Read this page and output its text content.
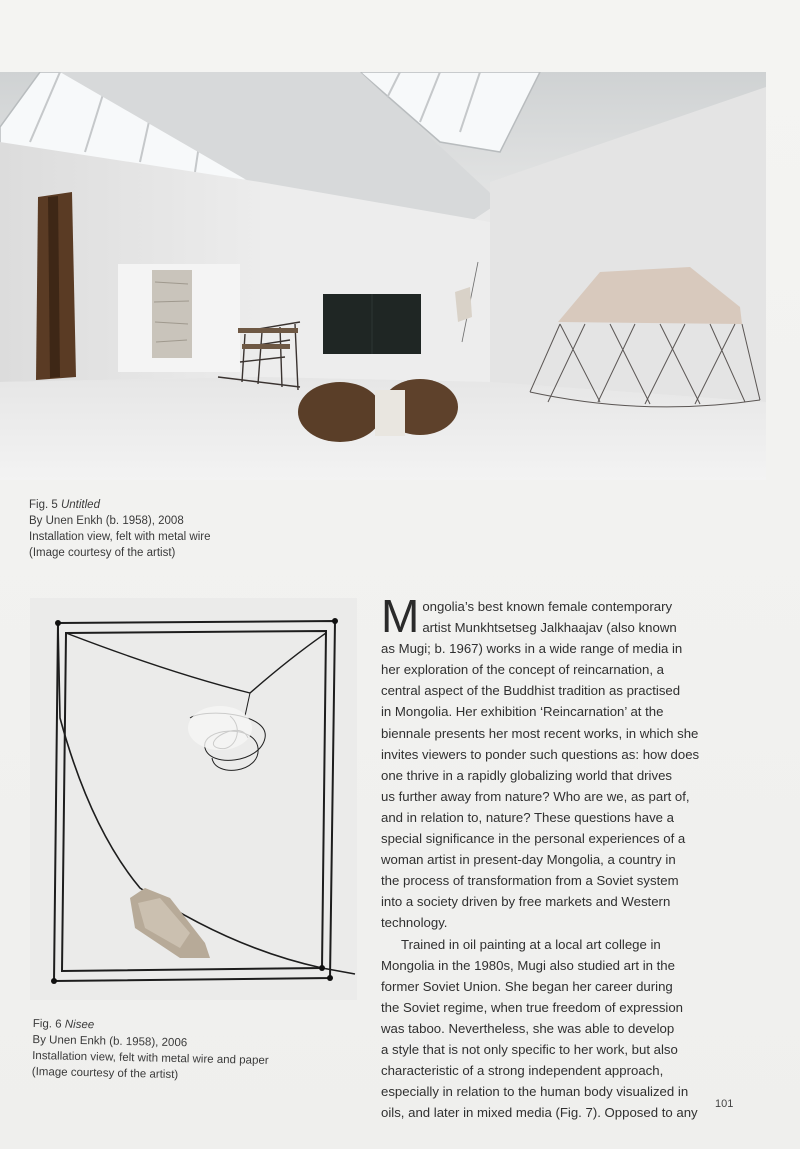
Fig. 5 Untitled
By Unen Enkh (b. 1958), 2008
Installation view, felt with metal wire
(Image courtesy of the artist)
Fig. 6 Nisee
By Unen Enkh (b. 1958), 2006
Installation view, felt with metal wire and paper
(Image courtesy of the artist)

M ongolia’s best known female contemporary
artist Munkhtsetseg Jalkhaajav (also known
as Mugi; b. 1967) works in a wide range of media in
her exploration of the concept of reincarnation, a
central aspect of the Buddhist tradition as practised
in Mongolia. Her exhibition ‘Reincarnation’ at the
biennale presents her most recent works, in which she
invites viewers to ponder such questions as: how does
one thrive in a rapidly globalizing world that drives
us further away from nature? Who are we, as part of,
and in relation to, nature? These questions have a
special significance in the personal experiences of a
woman artist in present-day Mongolia, a country in
the process of transformation from a Soviet system
into a society driven by free markets and Western
technology.

Trained in oil painting at a local art college in
Mongolia in the 1980s, Mugi also studied art in the
former Soviet Union. She began her career during
the Soviet regime, when true freedom of expression
was taboo. Nevertheless, she was able to develop
a style that is not only specific to her work, but also
characteristic of a strong independent approach,
especially in relation to the human body visualized in
oils, and later in mixed media (Fig. 7). Opposed to any

101
